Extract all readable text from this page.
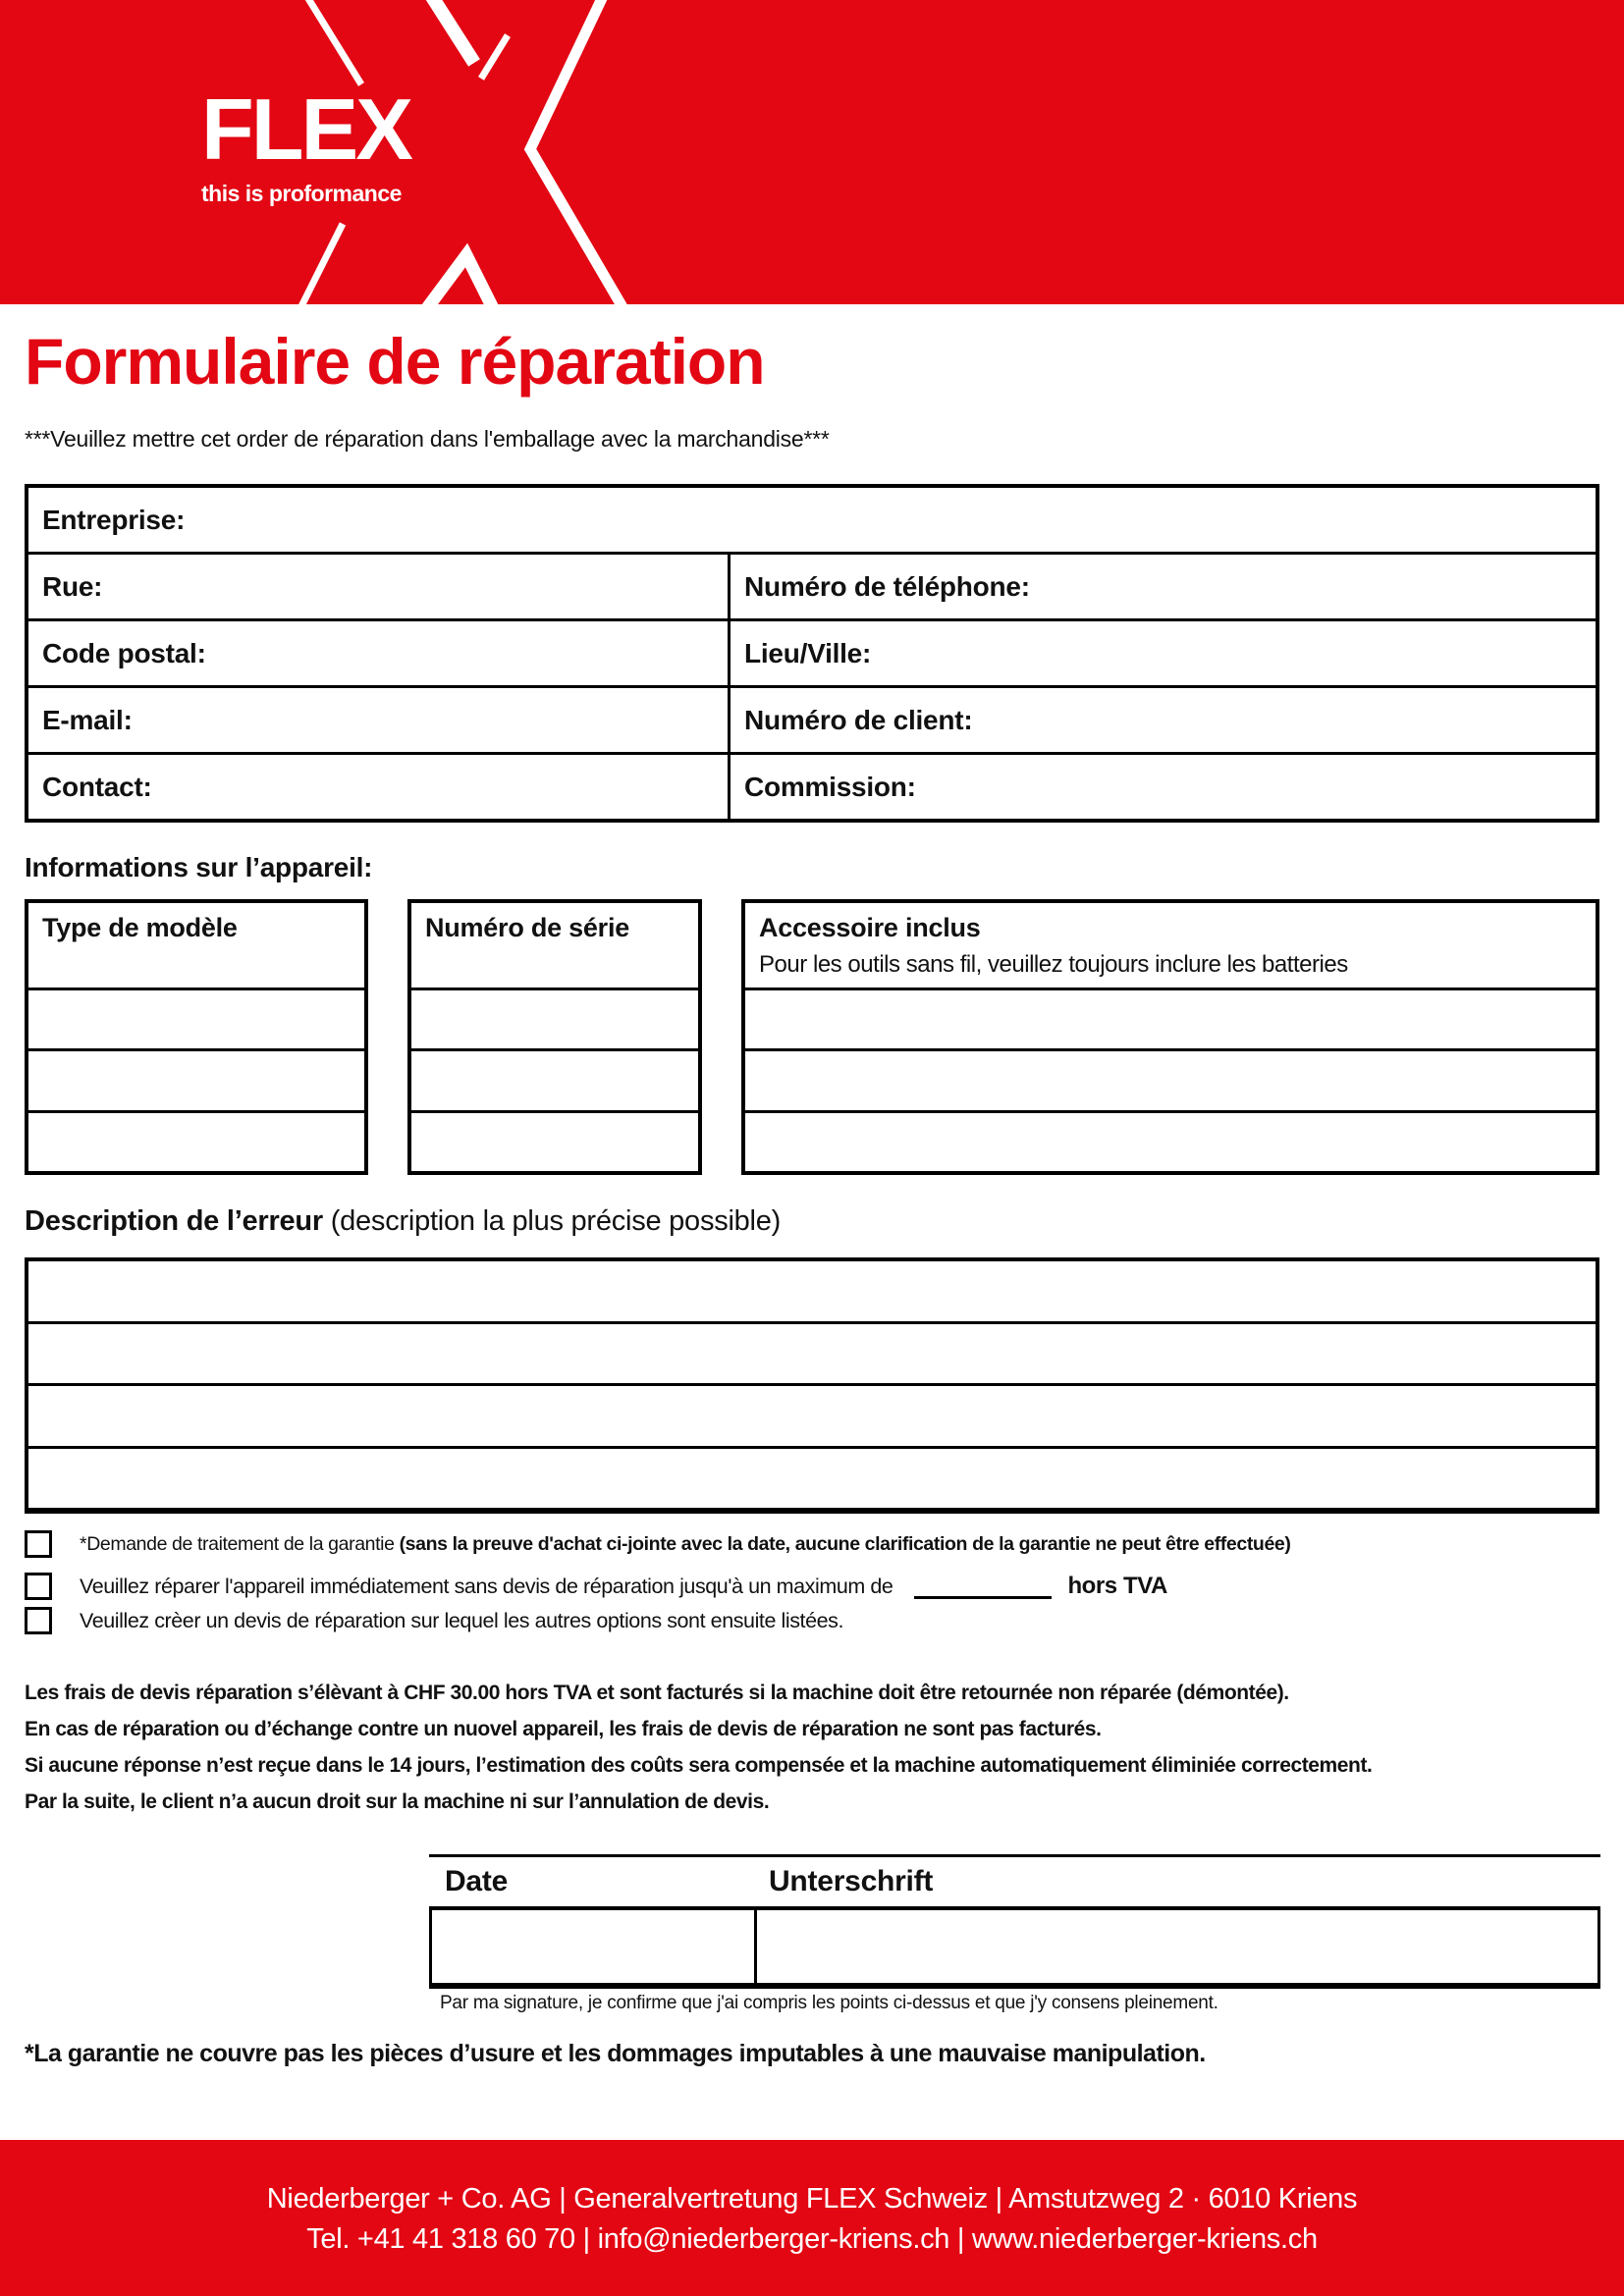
FLEX
this is proformance
Formulaire de réparation
***Veuillez mettre cet order de réparation dans l'emballage avec la marchandise***
Entreprise:
Rue:	Numéro de téléphone:
Code postal:	Lieu/Ville:
E-mail:	Numéro de client:
Contact:	Commission:
Informations sur l’appareil:
Type de modèle	Numéro de série	Accessoire inclus
Pour les outils sans fil, veuillez toujours inclure les batteries
Description de l’erreur (description la plus précise possible)
*Demande de traitement de la garantie (sans la preuve d'achat ci-jointe avec la date, aucune clarification de la garantie ne peut être effectuée)
Veuillez réparer l'appareil immédiatement sans devis de réparation jusqu'à un maximum de	hors TVA
Veuillez crèer un devis de réparation sur lequel les autres options sont ensuite listées.
Les frais de devis réparation s’élèvant à CHF 30.00 hors TVA et sont facturés si la machine doit être retournée non réparée (démontée).
En cas de réparation ou d’échange contre un nuovel appareil, les frais de devis de réparation ne sont pas facturés.
Si aucune réponse n’est reçue dans le 14 jours, l’estimation des coûts sera compensée et la machine automatiquement éliminiée correctement.
Par la suite, le client n’a aucun droit sur la machine ni sur l’annulation de devis.
Date	Unterschrift
Par ma signature, je confirme que j'ai compris les points ci-dessus et que j'y consens pleinement.
*La garantie ne couvre pas les pièces d’usure et les dommages imputables à une mauvaise manipulation.
Niederberger + Co. AG | Generalvertretung FLEX Schweiz | Amstutzweg 2 · 6010 Kriens
Tel. +41 41 318 60 70 | info@niederberger-kriens.ch | www.niederberger-kriens.ch
